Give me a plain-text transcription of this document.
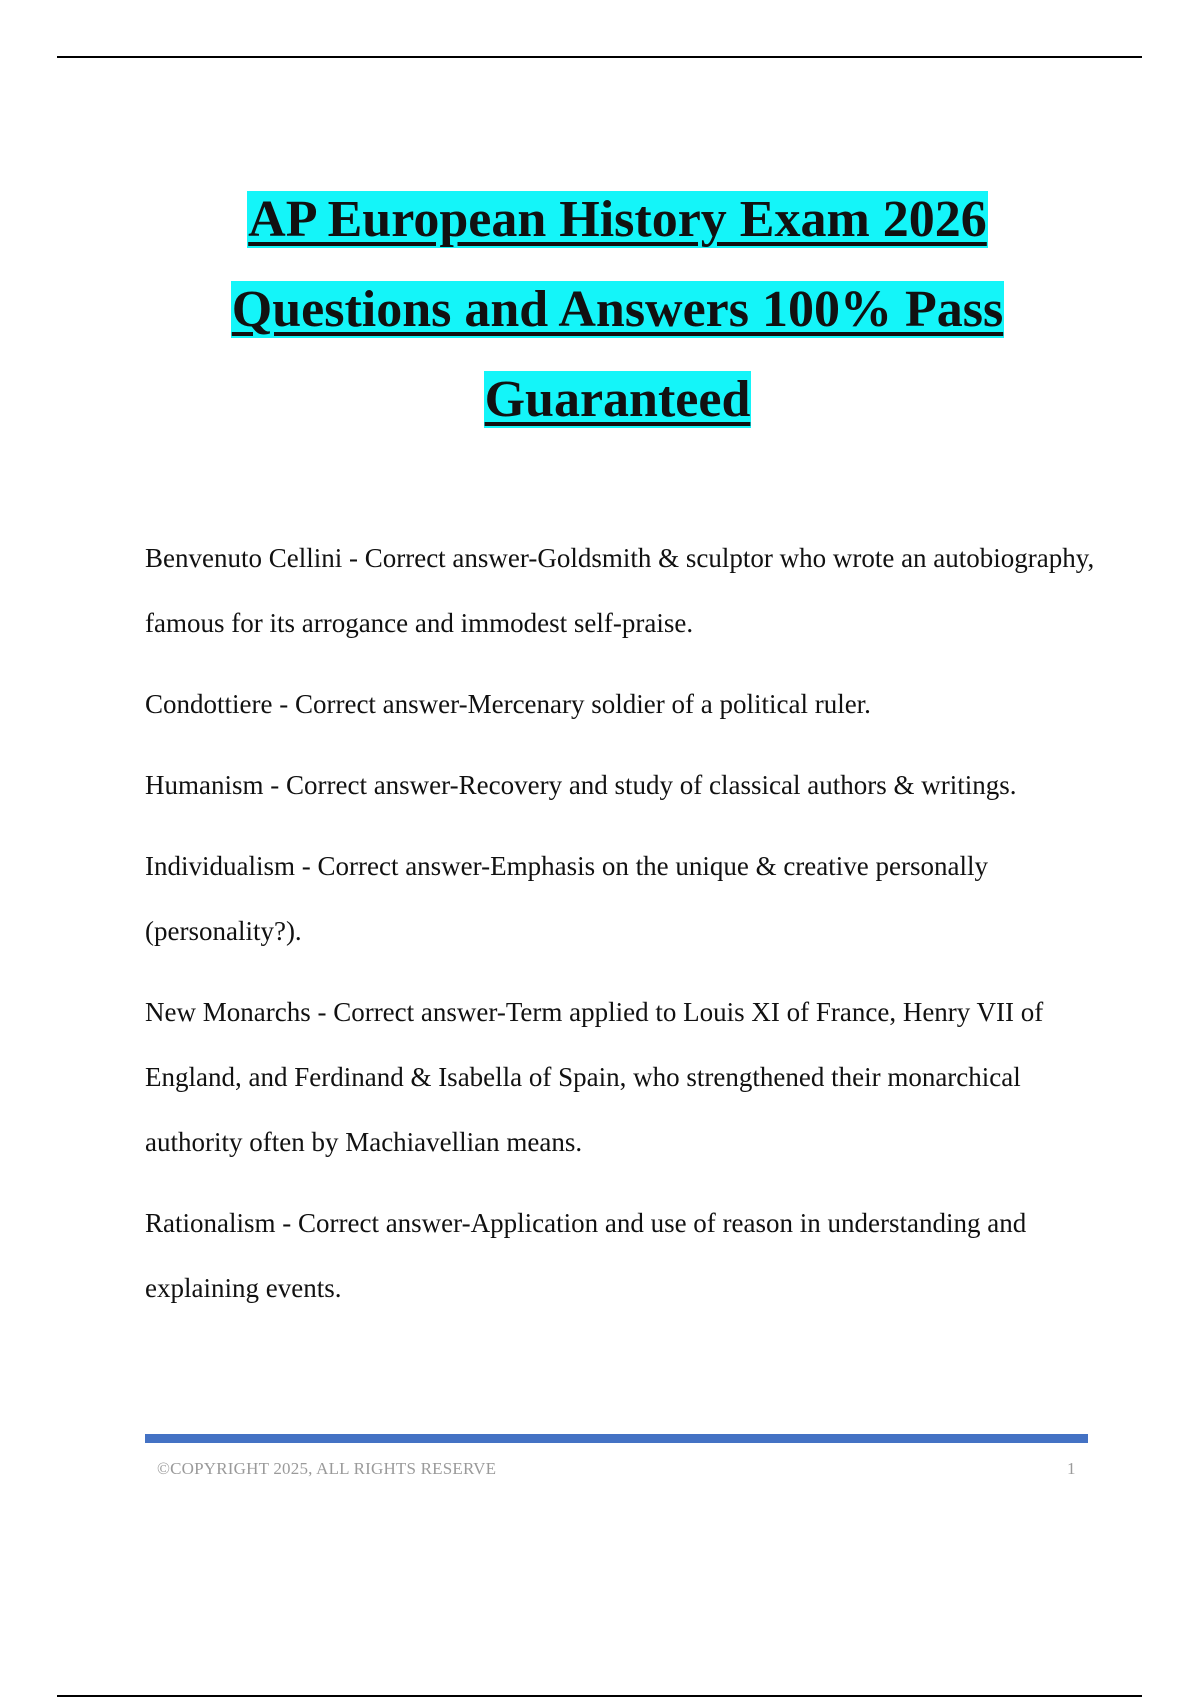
AP European History Exam 2026
Questions and Answers 100% Pass
Guaranteed

Benvenuto Cellini - Correct answer-Goldsmith & sculptor who wrote an autobiography, famous for its arrogance and immodest self-praise.

Condottiere - Correct answer-Mercenary soldier of a political ruler.

Humanism - Correct answer-Recovery and study of classical authors & writings.

Individualism - Correct answer-Emphasis on the unique & creative personally (personality?).

New Monarchs - Correct answer-Term applied to Louis XI of France, Henry VII of England, and Ferdinand & Isabella of Spain, who strengthened their monarchical authority often by Machiavellian means.

Rationalism - Correct answer-Application and use of reason in understanding and explaining events.

©COPYRIGHT 2025, ALL RIGHTS RESERVE	1
